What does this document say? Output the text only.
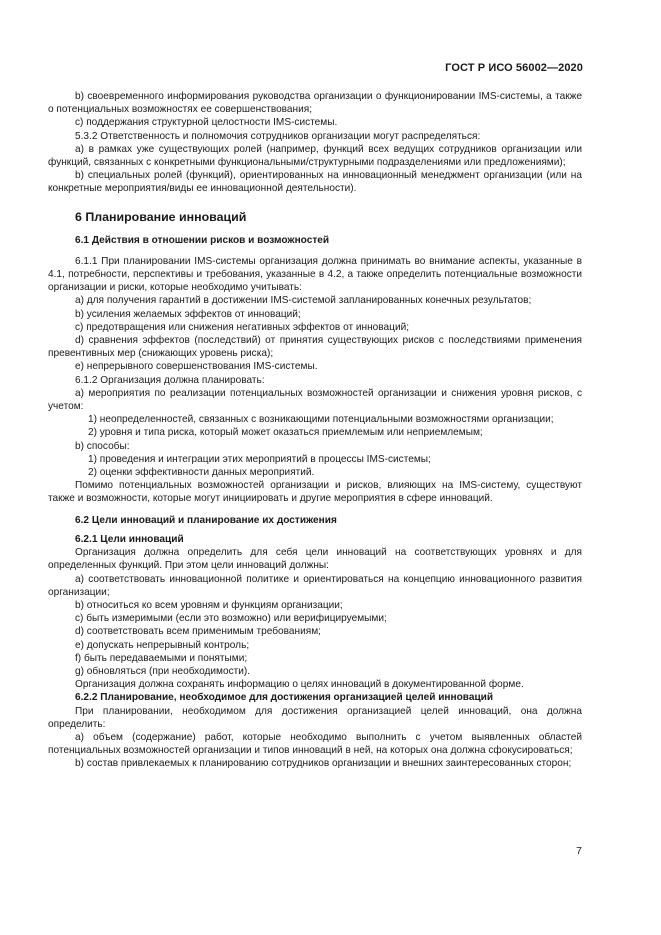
ГОСТ Р ИСО 56002—2020

b) своевременного информирования руководства организации о функционировании IMS-системы, а также о потенциальных возможностях ее совершенствования;

c) поддержания структурной целостности IMS-системы.

5.3.2 Ответственность и полномочия сотрудников организации могут распределяться:

a) в рамках уже существующих ролей (например, функций всех ведущих сотрудников организации или функций, связанных с конкретными функциональными/структурными подразделениями или предложениями);

b) специальных ролей (функций), ориентированных на инновационный менеджмент организации (или на конкретные мероприятия/виды ее инновационной деятельности).

6 Планирование инноваций

6.1 Действия в отношении рисков и возможностей

6.1.1 При планировании IMS-системы организация должна принимать во внимание аспекты, указанные в 4.1, потребности, перспективы и требования, указанные в 4.2, а также определить потенциальные возможности организации и риски, которые необходимо учитывать:

a) для получения гарантий в достижении IMS-системой запланированных конечных результатов;

b) усиления желаемых эффектов от инноваций;

c) предотвращения или снижения негативных эффектов от инноваций;

d) сравнения эффектов (последствий) от принятия существующих рисков с последствиями применения превентивных мер (снижающих уровень риска);

e) непрерывного совершенствования IMS-системы.

6.1.2 Организация должна планировать:

a) мероприятия по реализации потенциальных возможностей организации и снижения уровня рисков, с учетом:

1) неопределенностей, связанных с возникающими потенциальными возможностями организации;

2) уровня и типа риска, который может оказаться приемлемым или неприемлемым;

b) способы:

1) проведения и интеграции этих мероприятий в процессы IMS-системы;

2) оценки эффективности данных мероприятий.

Помимо потенциальных возможностей организации и рисков, влияющих на IMS-систему, существуют также и возможности, которые могут инициировать и другие мероприятия в сфере инноваций.

6.2 Цели инноваций и планирование их достижения

6.2.1 Цели инноваций

Организация должна определить для себя цели инноваций на соответствующих уровнях и для определенных функций. При этом цели инноваций должны:

a) соответствовать инновационной политике и ориентироваться на концепцию инновационного развития организации;

b) относиться ко всем уровням и функциям организации;

c) быть измеримыми (если это возможно) или верифицируемыми;

d) соответствовать всем применимым требованиям;

e) допускать непрерывный контроль;

f) быть передаваемыми и понятыми;

g) обновляться (при необходимости).

Организация должна сохранять информацию о целях инноваций в документированной форме.

6.2.2 Планирование, необходимое для достижения организацией целей инноваций

При планировании, необходимом для достижения организацией целей инноваций, она должна определить:

a) объем (содержание) работ, которые необходимо выполнить с учетом выявленных областей потенциальных возможностей организации и типов инноваций в ней, на которых она должна сфокусироваться;

b) состав привлекаемых к планированию сотрудников организации и внешних заинтересованных сторон;

7
